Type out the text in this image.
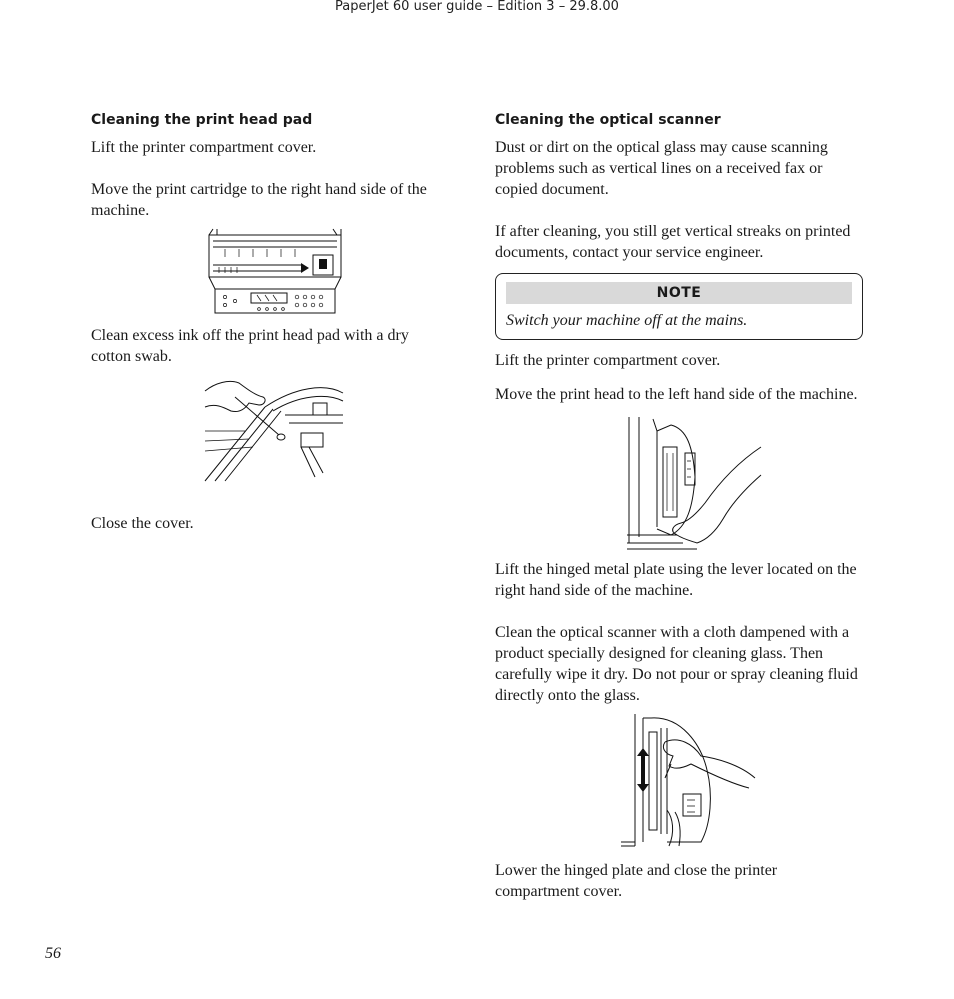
PaperJet 60 user guide – Edition 3 – 29.8.00
Cleaning the print head pad

Lift the printer compartment cover.

Move the print cartridge to the right hand side of the machine.

Clean excess ink off the print head pad with a dry cotton swab.

Close the cover.

Cleaning the optical scanner

Dust or dirt on the optical glass may cause scanning problems such as vertical lines on a received fax or copied document.

If after cleaning, you still get vertical streaks on printed documents, contact your service engineer.

NOTE
Switch your machine off at the mains.

Lift the printer compartment cover.

Move the print head to the left hand side of the machine.

Lift the hinged metal plate using the lever located on the right hand side of the machine.

Clean the optical scanner with a cloth dampened with a product specially designed for cleaning glass. Then carefully wipe it dry. Do not pour or spray cleaning fluid directly onto the glass.

Lower the hinged plate and close the printer compartment cover.

56
